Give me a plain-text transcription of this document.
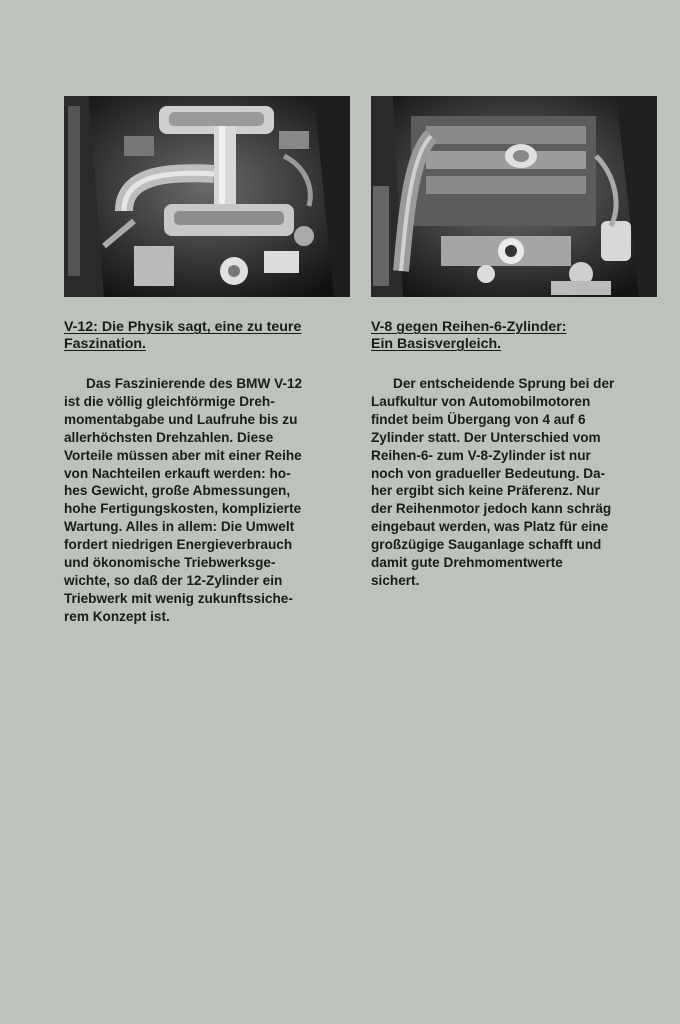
V-12: Die Physik sagt, eine zu teure
Faszination.
Das Faszinierende des BMW V-12
ist die völlig gleichförmige Dreh-
momentabgabe und Laufruhe bis zu
allerhöchsten Drehzahlen. Diese
Vorteile müssen aber mit einer Reihe
von Nachteilen erkauft werden: ho-
hes Gewicht, große Abmessungen,
hohe Fertigungskosten, komplizierte
Wartung. Alles in allem: Die Umwelt
fordert niedrigen Energieverbrauch
und ökonomische Triebwerksge-
wichte, so daß der 12-Zylinder ein
Triebwerk mit wenig zukunftssiche-
rem Konzept ist.
V-8 gegen Reihen-6-Zylinder:
Ein Basisvergleich.
Der entscheidende Sprung bei der
Laufkultur von Automobilmotoren
findet beim Übergang von 4 auf 6
Zylinder statt. Der Unterschied vom
Reihen-6- zum V-8-Zylinder ist nur
noch von gradueller Bedeutung. Da-
her ergibt sich keine Präferenz. Nur
der Reihenmotor jedoch kann schräg
eingebaut werden, was Platz für eine
großzügige Sauganlage schafft und
damit gute Drehmomentwerte
sichert.
